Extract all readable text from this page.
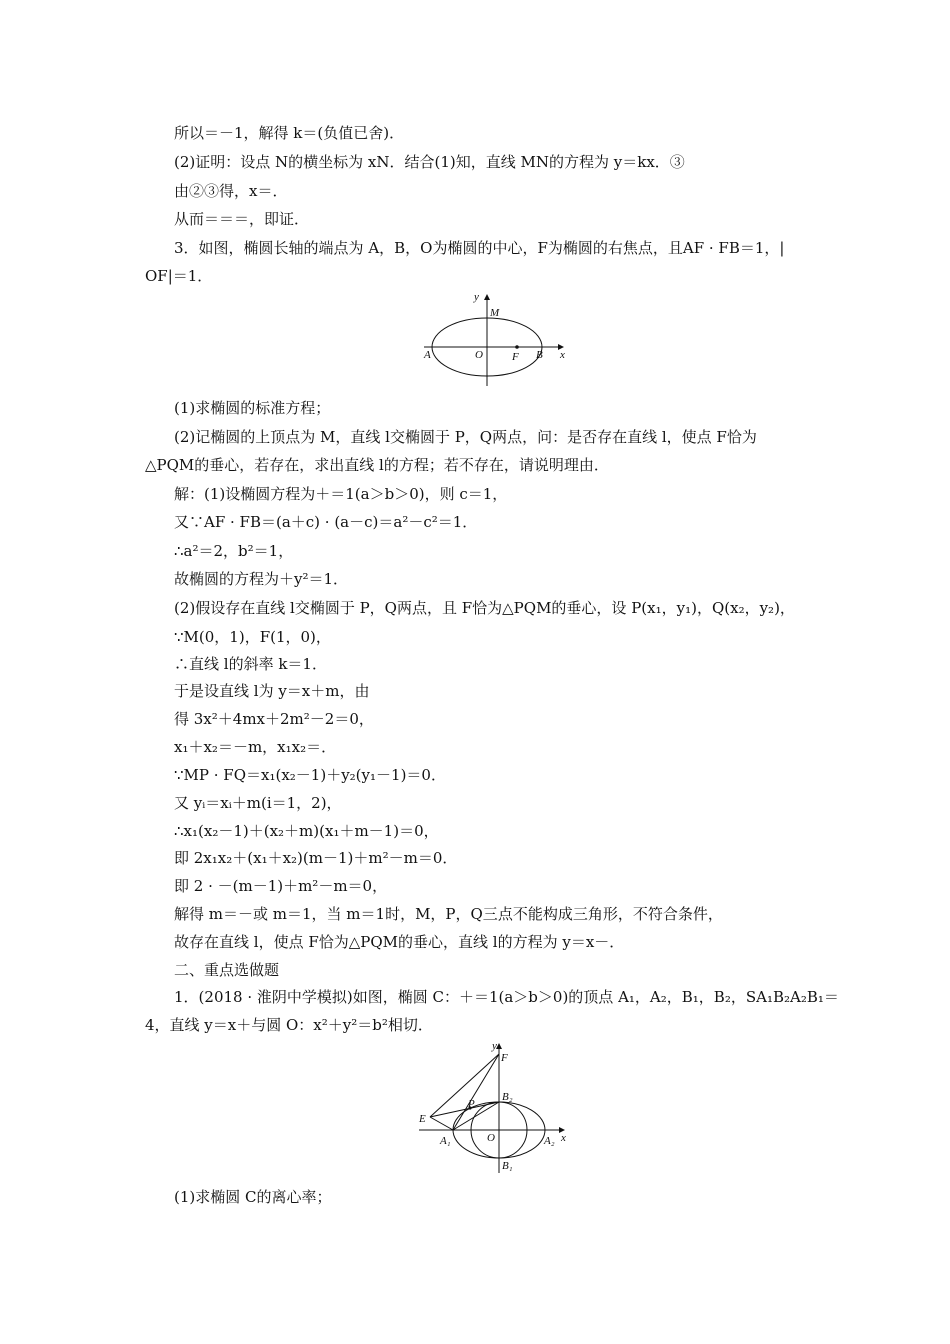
所以＝－1，解得 k＝(负值已舍)．
(2)证明：设点 N的横坐标为 xN．结合(1)知，直线 MN的方程为 y＝kx．③
由②③得，x＝．
从而＝＝＝，即证．
3．如图，椭圆长轴的端点为 A，B，O为椭圆的中心，F为椭圆的右焦点，且AF · FB＝1，|
OF|＝1．
y
x
M
A	O	F B
(1)求椭圆的标准方程；
(2)记椭圆的上顶点为 M，直线 l交椭圆于 P，Q两点，问：是否存在直线 l，使点 F恰为
△PQM的垂心，若存在，求出直线 l的方程；若不存在，请说明理由．
解：(1)设椭圆方程为＋＝1(a＞b＞0)，则 c＝1，
又∵AF · FB＝(a＋c) · (a－c)＝a²－c²＝1．
∴a²＝2，b²＝1，
故椭圆的方程为＋y²＝1．
(2)假设存在直线 l交椭圆于 P，Q两点，且 F恰为△PQM的垂心，设 P(x₁，y₁)，Q(x₂，y₂)，
∵M(0，1)，F(1，0)，
∴直线 l的斜率 k＝1．
于是设直线 l为 y＝x＋m，由
得 3x²＋4mx＋2m²－2＝0，
x₁＋x₂＝－m，x₁x₂＝．
∵MP · FQ＝x₁(x₂－1)＋y₂(y₁－1)＝0．
又 yᵢ＝xᵢ＋m(i＝1，2)，
∴x₁(x₂－1)＋(x₂＋m)(x₁＋m－1)＝0，
即 2x₁x₂＋(x₁＋x₂)(m－1)＋m²－m＝0．
即 2 · －(m－1)＋m²－m＝0，
解得 m＝－或 m＝1，当 m＝1时，M，P，Q三点不能构成三角形，不符合条件，
故存在直线 l，使点 F恰为△PQM的垂心，直线 l的方程为 y＝x－．
二、重点选做题
1．(2018 · 淮阴中学模拟)如图，椭圆 C：＋＝1(a＞b＞0)的顶点 A₁，A₂，B₁，B₂，SA₁B₂A₂B₁＝
4，直线 y＝x＋与圆 O：x²＋y²＝b²相切．
y
x
F
E
P
B₂
A₁	O	A₂
B₁
(1)求椭圆 C的离心率；
